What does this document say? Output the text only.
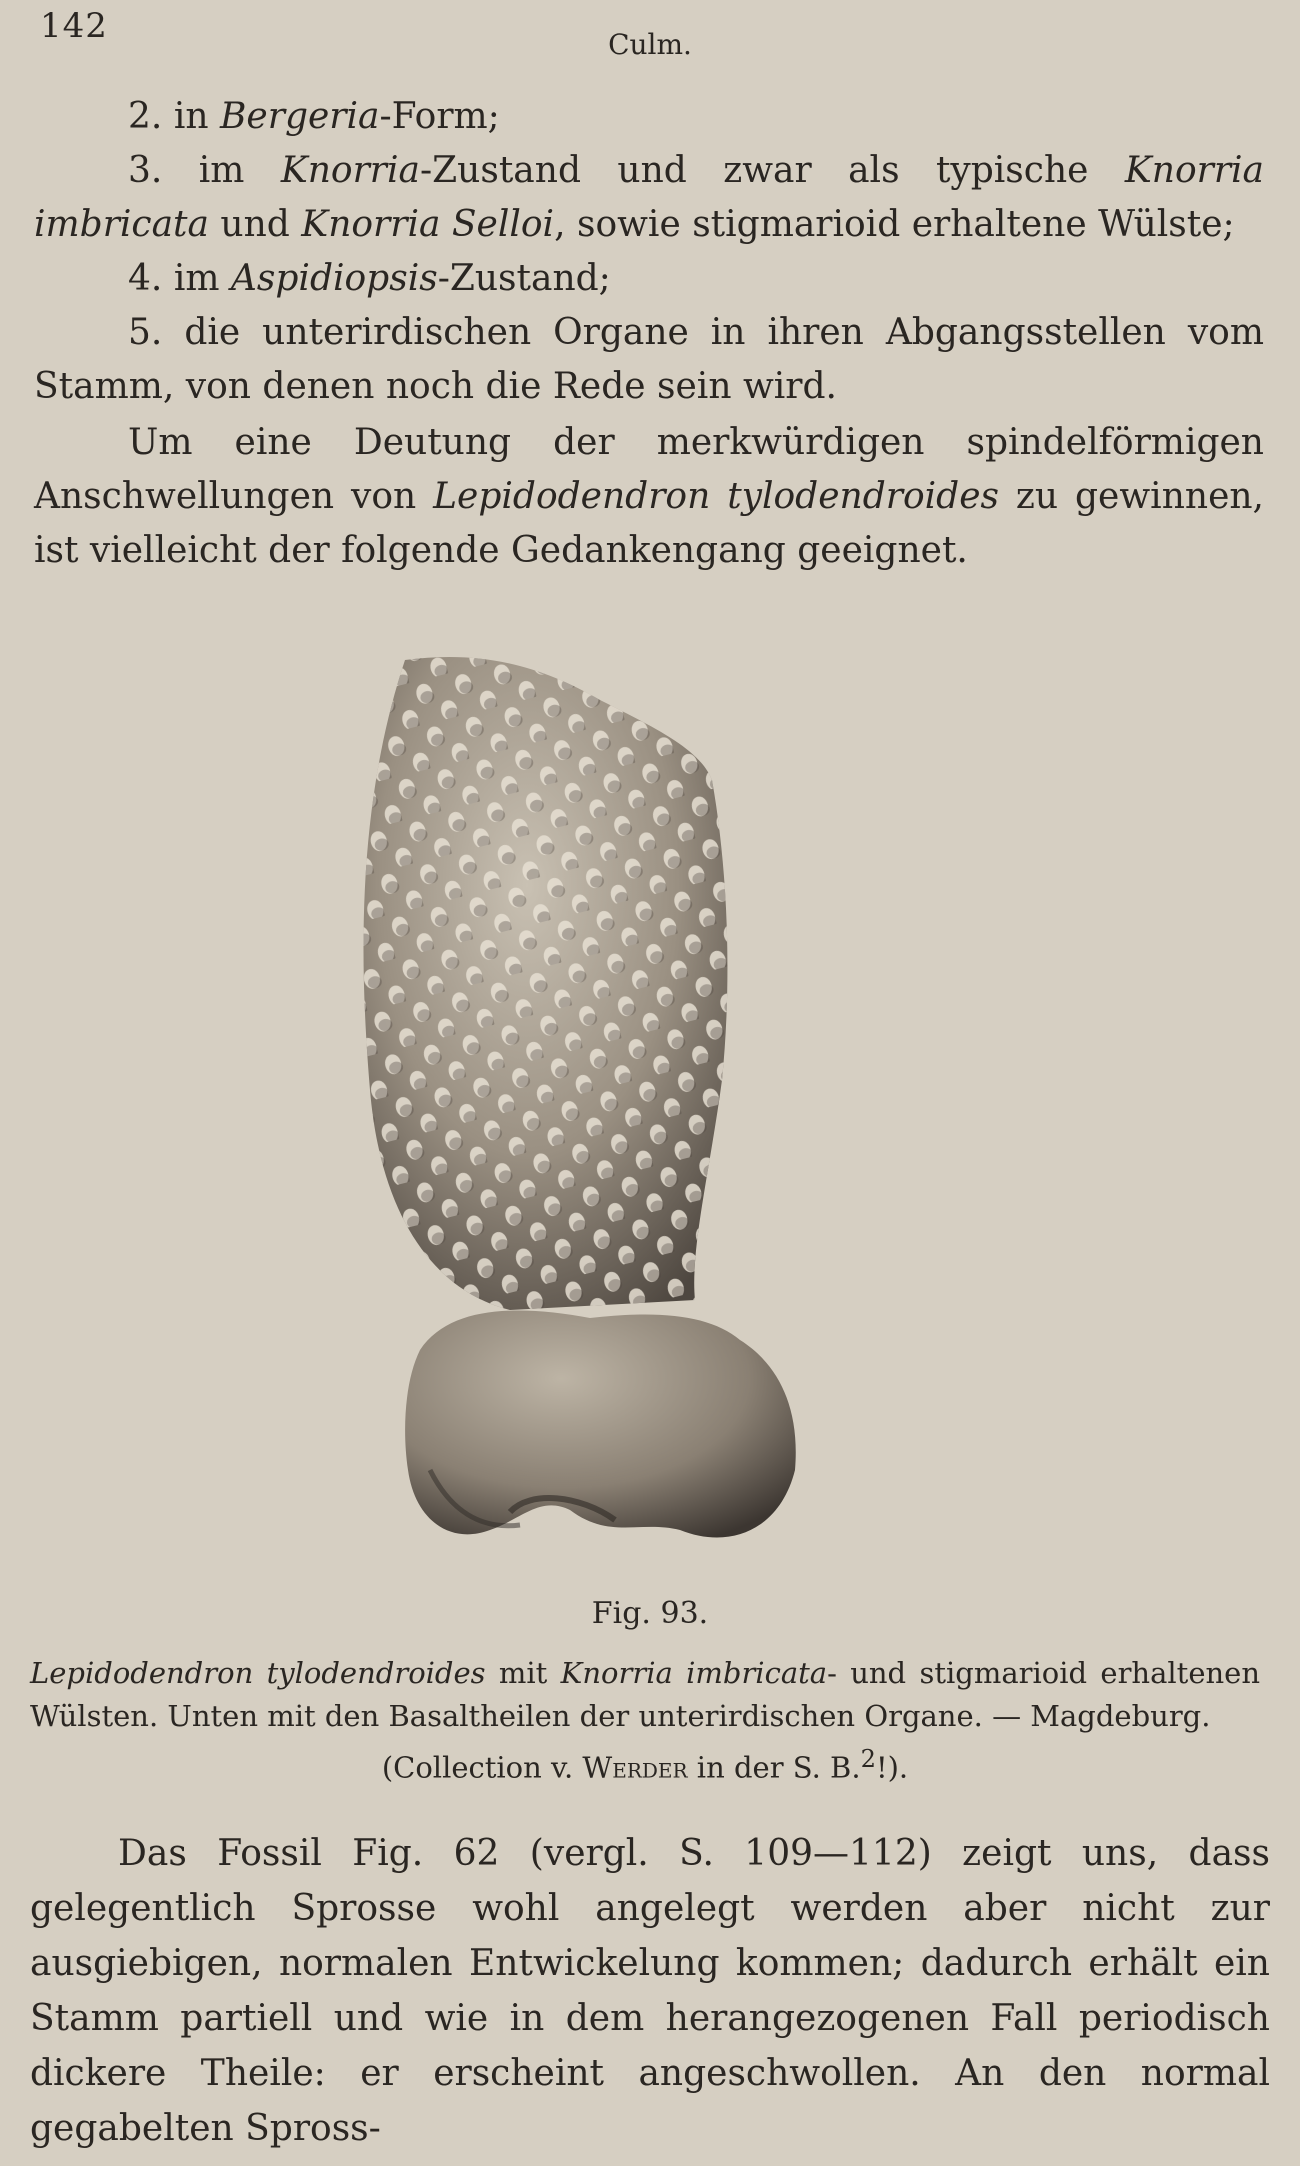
142	Culm.

2. in Bergeria-Form;

3. im Knorria-Zustand und zwar als typische Knorria imbricata und Knorria Selloi, sowie stigmarioid erhaltene Wülste;

4. im Aspidiopsis-Zustand;

5. die unterirdischen Organe in ihren Abgangsstellen vom Stamm, von denen noch die Rede sein wird.

Um eine Deutung der merkwürdigen spindelförmigen Anschwellungen von Lepidodendron tylodendroides zu gewinnen, ist vielleicht der folgende Gedankengang geeignet.

Fig. 93.
Lepidodendron tylodendroides mit Knorria imbricata- und stigmarioid erhaltenen Wülsten. Unten mit den Basaltheilen der unterirdischen Organe. — Magdeburg.
(Collection v. Werder in der S. B.$^2$!).

Das Fossil Fig. 62 (vergl. S. 109—112) zeigt uns, dass gelegentlich Sprosse wohl angelegt werden aber nicht zur ausgiebigen, normalen Entwickelung kommen; dadurch erhält ein Stamm partiell und wie in dem herangezogenen Fall periodisch dickere Theile: er erscheint angeschwollen. An den normal gegabelten Spross-
